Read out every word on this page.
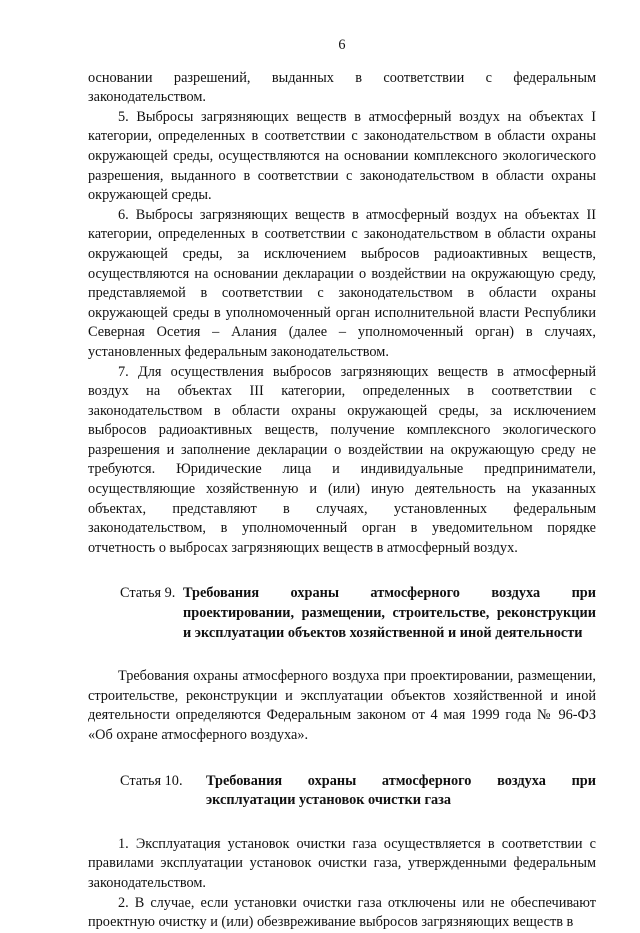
6

основании разрешений, выданных в соответствии с федеральным законодательством.

5. Выбросы загрязняющих веществ в атмосферный воздух на объектах I категории, определенных в соответствии с законодательством в области охраны окружающей среды, осуществляются на основании комплексного экологического разрешения, выданного в соответствии с законодательством в области охраны окружающей среды.

6. Выбросы загрязняющих веществ в атмосферный воздух на объектах II категории, определенных в соответствии с законодательством в области охраны окружающей среды, за исключением выбросов радиоактивных веществ, осуществляются на основании декларации о воздействии на окружающую среду, представляемой в соответствии с законодательством в области охраны окружающей среды в уполномоченный орган исполнительной власти Республики Северная Осетия – Алания (далее – уполномоченный орган) в случаях, установленных федеральным законодательством.

7. Для осуществления выбросов загрязняющих веществ в атмосферный воздух на объектах III категории, определенных в соответствии с законодательством в области охраны окружающей среды, за исключением выбросов радиоактивных веществ, получение комплексного экологического разрешения и заполнение декларации о воздействии на окружающую среду не требуются. Юридические лица и индивидуальные предприниматели, осуществляющие хозяйственную и (или) иную деятельность на указанных объектах, представляют в случаях, установленных федеральным законодательством, в уполномоченный орган в уведомительном порядке отчетность о выбросах загрязняющих веществ в атмосферный воздух.

Статья 9. Требования охраны атмосферного воздуха при проектировании, размещении, строительстве, реконструкции и эксплуатации объектов хозяйственной и иной деятельности

Требования охраны атмосферного воздуха при проектировании, размещении, строительстве, реконструкции и эксплуатации объектов хозяйственной и иной деятельности определяются Федеральным законом от 4 мая 1999 года № 96-ФЗ «Об охране атмосферного воздуха».

Статья 10.	Требования охраны атмосферного воздуха при эксплуатации установок очистки газа

1. Эксплуатация установок очистки газа осуществляется в соответствии с правилами эксплуатации установок очистки газа, утвержденными федеральным законодательством.

2. В случае, если установки очистки газа отключены или не обеспечивают проектную очистку и (или) обезвреживание выбросов загрязняющих веществ в
